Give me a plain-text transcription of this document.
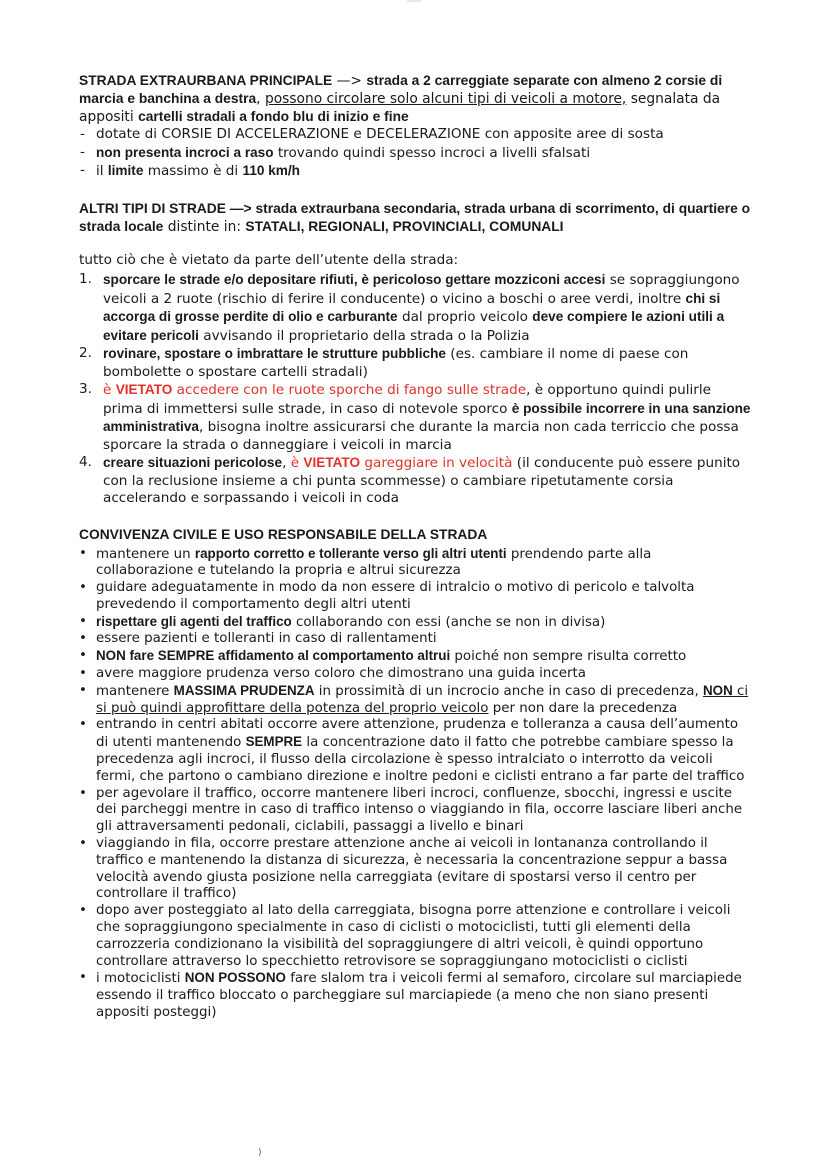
STRADA EXTRAURBANA PRINCIPALE —> strada a 2 carreggiate separate con almeno 2 corsie di marcia e banchina a destra, possono circolare solo alcuni tipi di veicoli a motore, segnalata da appositi cartelli stradali a fondo blu di inizio e fine
- dotate di CORSIE DI ACCELERAZIONE e DECELERAZIONE con apposite aree di sosta
- non presenta incroci a raso trovando quindi spesso incroci a livelli sfalsati
- il limite massimo è di 110 km/h
ALTRI TIPI DI STRADE —> strada extraurbana secondaria, strada urbana di scorrimento, di quartiere o strada locale distinte in: STATALI, REGIONALI, PROVINCIALI, COMUNALI
tutto ciò che è vietato da parte dell’utente della strada:
1. sporcare le strade e/o depositare rifiuti, è pericoloso gettare mozziconi accesi se sopraggiungono veicoli a 2 ruote (rischio di ferire il conducente) o vicino a boschi o aree verdi, inoltre chi si accorga di grosse perdite di olio e carburante dal proprio veicolo deve compiere le azioni utili a evitare pericoli avvisando il proprietario della strada o la Polizia
2. rovinare, spostare o imbrattare le strutture pubbliche (es. cambiare il nome di paese con bombolette o spostare cartelli stradali)
3. è VIETATO accedere con le ruote sporche di fango sulle strade, è opportuno quindi pulirle prima di immettersi sulle strade, in caso di notevole sporco è possibile incorrere in una sanzione amministrativa, bisogna inoltre assicurarsi che durante la marcia non cada terriccio che possa sporcare la strada o danneggiare i veicoli in marcia
4. creare situazioni pericolose, è VIETATO gareggiare in velocità (il conducente può essere punito con la reclusione insieme a chi punta scommesse) o cambiare ripetutamente corsia accelerando e sorpassando i veicoli in coda
CONVIVENZA CIVILE E USO RESPONSABILE DELLA STRADA
• mantenere un rapporto corretto e tollerante verso gli altri utenti prendendo parte alla collaborazione e tutelando la propria e altrui sicurezza
• guidare adeguatamente in modo da non essere di intralcio o motivo di pericolo e talvolta prevedendo il comportamento degli altri utenti
• rispettare gli agenti del traffico collaborando con essi (anche se non in divisa)
• essere pazienti e tolleranti in caso di rallentamenti
• NON fare SEMPRE affidamento al comportamento altrui poiché non sempre risulta corretto
• avere maggiore prudenza verso coloro che dimostrano una guida incerta
• mantenere MASSIMA PRUDENZA in prossimità di un incrocio anche in caso di precedenza, NON ci si può quindi approfittare della potenza del proprio veicolo per non dare la precedenza
• entrando in centri abitati occorre avere attenzione, prudenza e tolleranza a causa dell’aumento di utenti mantenendo SEMPRE la concentrazione dato il fatto che potrebbe cambiare spesso la precedenza agli incroci, il flusso della circolazione è spesso intralciato o interrotto da veicoli fermi, che partono o cambiano direzione e inoltre pedoni e ciclisti entrano a far parte del traffico
• per agevolare il traffico, occorre mantenere liberi incroci, confluenze, sbocchi, ingressi e uscite dei parcheggi mentre in caso di traffico intenso o viaggiando in fila, occorre lasciare liberi anche gli attraversamenti pedonali, ciclabili, passaggi a livello e binari
• viaggiando in fila, occorre prestare attenzione anche ai veicoli in lontananza controllando il traffico e mantenendo la distanza di sicurezza, è necessaria la concentrazione seppur a bassa velocità avendo giusta posizione nella carreggiata (evitare di spostarsi verso il centro per controllare il traffico)
• dopo aver posteggiato al lato della carreggiata, bisogna porre attenzione e controllare i veicoli che sopraggiungono specialmente in caso di ciclisti o motociclisti, tutti gli elementi della carrozzeria condizionano la visibilità del sopraggiungere di altri veicoli, è quindi opportuno controllare attraverso lo specchietto retrovisore se sopraggiungano motociclisti o ciclisti
• i motociclisti NON POSSONO fare slalom tra i veicoli fermi al semaforo, circolare sul marciapiede essendo il traffico bloccato o parcheggiare sul marciapiede (a meno che non siano presenti appositi posteggi)
)
